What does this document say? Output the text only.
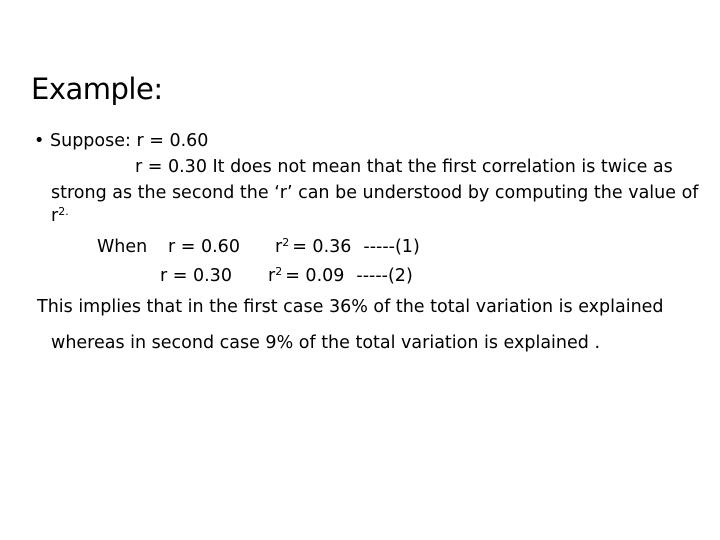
Example:
• Suppose: r = 0.60
r = 0.30 It does not mean that the first correlation is twice as
strong as the second the ‘r’ can be understood by computing the value of
$r^{2.}$
When r = 0.60 $r^2 = 0.36$ -----(1)
r = 0.30 $r^2 = 0.09$ -----(2)
This implies that in the first case 36% of the total variation is explained
whereas in second case 9% of the total variation is explained .
